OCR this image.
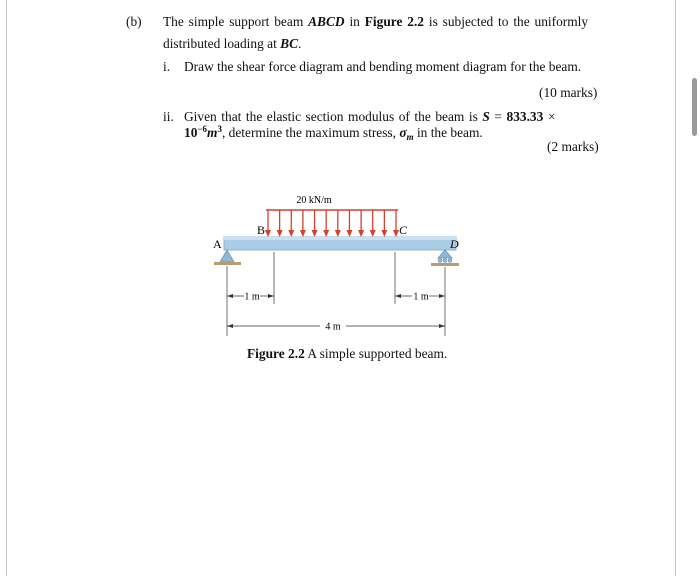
(b) The simple support beam ABCD in Figure 2.2 is subjected to the uniformly
distributed loading at BC.
i. Draw the shear force diagram and bending moment diagram for the beam.
(10 marks)
ii. Given that the elastic section modulus of the beam is S = 833.33 ×
$10^{-6}m^3$, determine the maximum stress, $\sigma_m$ in the beam.
(2 marks)
20 kN/m
A
B	C
D
1 m	1 m
4 m
Figure 2.2 A simple supported beam.
